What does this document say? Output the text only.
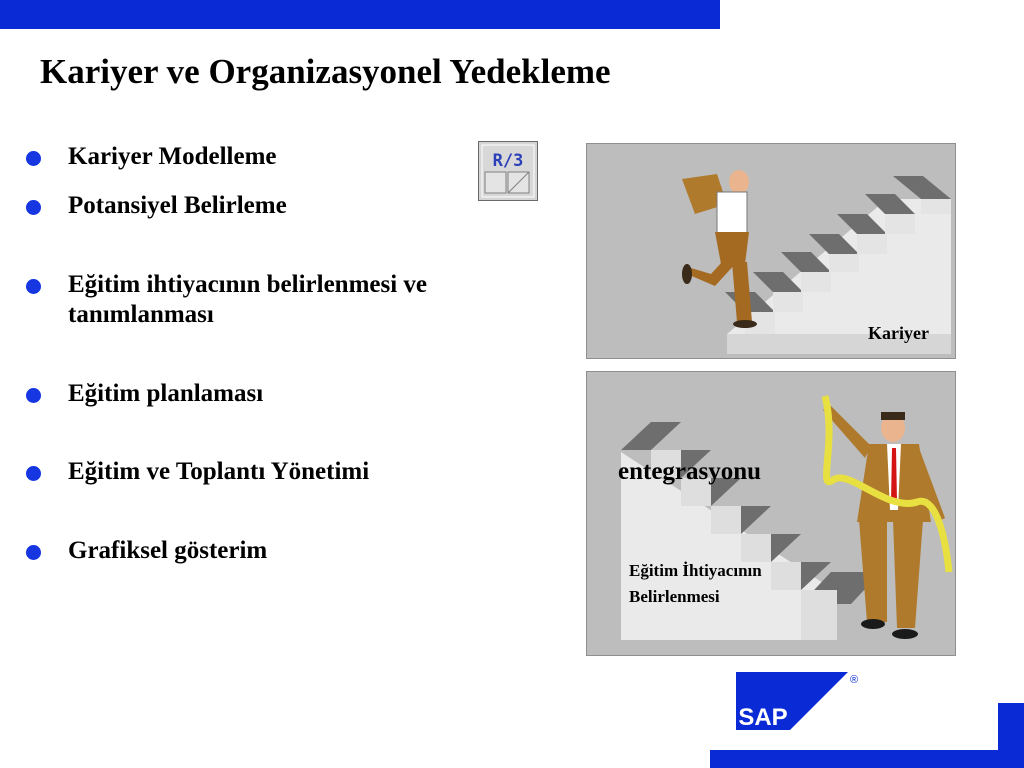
Kariyer ve Organizasyonel Yedekleme
Kariyer Modelleme
Potansiyel Belirleme
Eğitim ihtiyacının belirlenmesi ve tanımlanması
Eğitim planlaması
Eğitim ve Toplantı Yönetimi
Grafiksel gösterim
R/3
Kariyer
Eğitim İhtiyacının
Belirlenmesi
entegrasyonu
SAP
®
